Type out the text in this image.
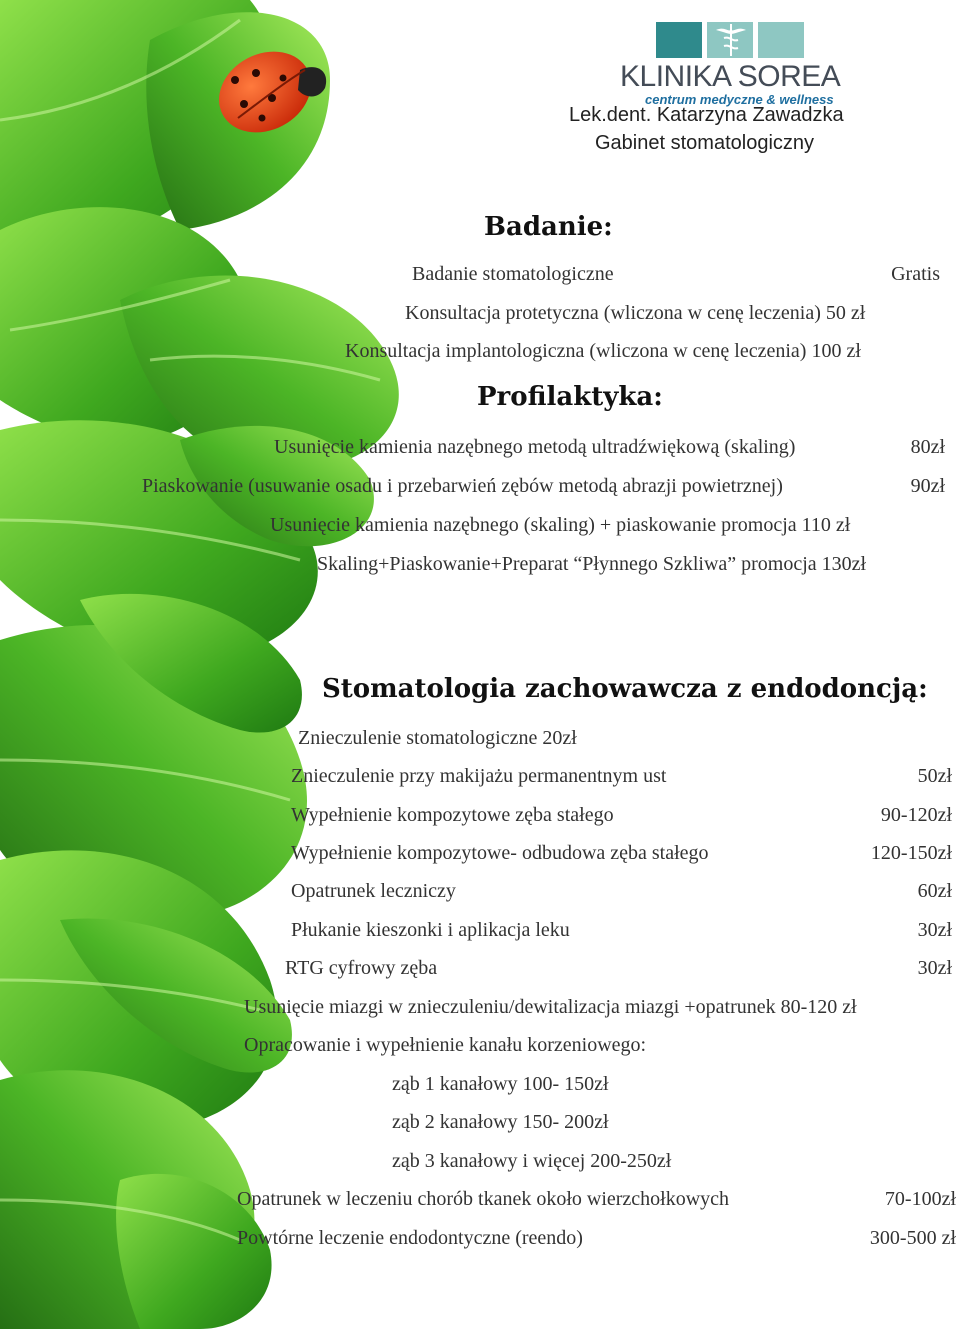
KLINIKA SOREA
centrum medyczne & wellness
Lek.dent. Katarzyna Zawadzka
Gabinet stomatologiczny
Badanie:
Badanie stomatologiczne	Gratis
Konsultacja protetyczna (wliczona w cenę leczenia) 50 zł
Konsultacja implantologiczna (wliczona w cenę leczenia) 100 zł
Profilaktyka:
Usunięcie kamienia nazębnego metodą ultradźwiękową (skaling)	80zł
Piaskowanie (usuwanie osadu i przebarwień zębów metodą abrazji powietrznej)	90zł
Usunięcie kamienia nazębnego (skaling) + piaskowanie promocja 110 zł
Skaling+Piaskowanie+Preparat “Płynnego Szkliwa” promocja 130zł
Stomatologia zachowawcza z endodoncją:
Znieczulenie stomatologiczne 20zł
Znieczulenie przy makijażu permanentnym ust	50zł
Wypełnienie kompozytowe zęba stałego	90-120zł
Wypełnienie kompozytowe- odbudowa zęba stałego	120-150zł
Opatrunek leczniczy	60zł
Płukanie kieszonki i aplikacja leku	30zł
RTG cyfrowy zęba	30zł
Usunięcie miazgi w znieczuleniu/dewitalizacja miazgi +opatrunek 80-120 zł
Opracowanie i wypełnienie kanału korzeniowego:
ząb 1 kanałowy 100- 150zł
ząb 2 kanałowy 150- 200zł
ząb 3 kanałowy i więcej 200-250zł
Opatrunek w leczeniu chorób tkanek około wierzchołkowych	70-100zł
Powtórne leczenie endodontyczne (reendo)	300-500 zł
